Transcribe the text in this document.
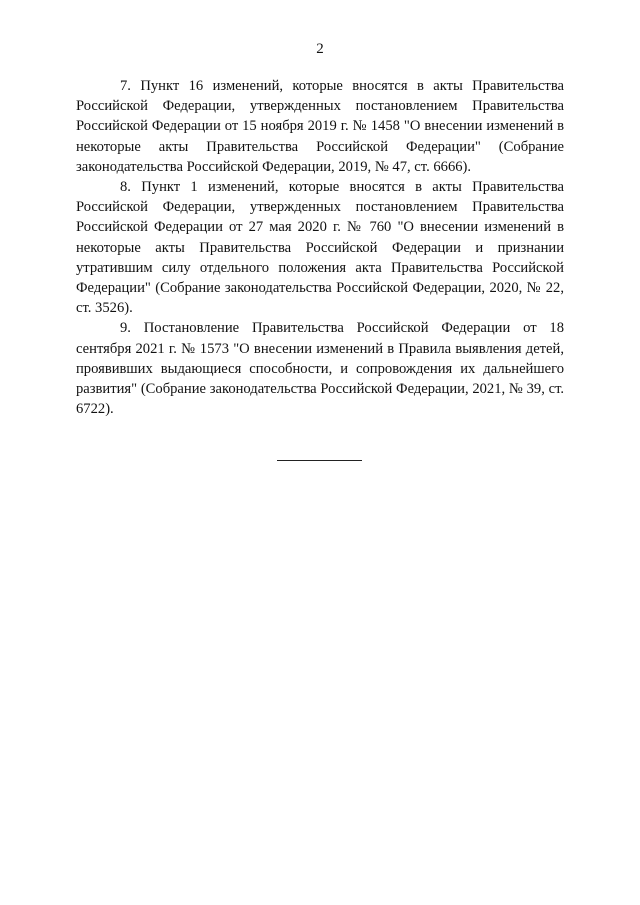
2

7. Пункт 16 изменений, которые вносятся в акты Правительства Российской Федерации, утвержденных постановлением Правительства Российской Федерации от 15 ноября 2019 г. № 1458 "О внесении изменений в некоторые акты Правительства Российской Федерации" (Собрание законодательства Российской Федерации, 2019, № 47, ст. 6666).

8. Пункт 1 изменений, которые вносятся в акты Правительства Российской Федерации, утвержденных постановлением Правительства Российской Федерации от 27 мая 2020 г. № 760 "О внесении изменений в некоторые акты Правительства Российской Федерации и признании утратившим силу отдельного положения акта Правительства Российской Федерации" (Собрание законодательства Российской Федерации, 2020, № 22, ст. 3526).

9. Постановление Правительства Российской Федерации от 18 сентября 2021 г. № 1573 "О внесении изменений в Правила выявления детей, проявивших выдающиеся способности, и сопровождения их дальнейшего развития" (Собрание законодательства Российской Федерации, 2021, № 39, ст. 6722).
